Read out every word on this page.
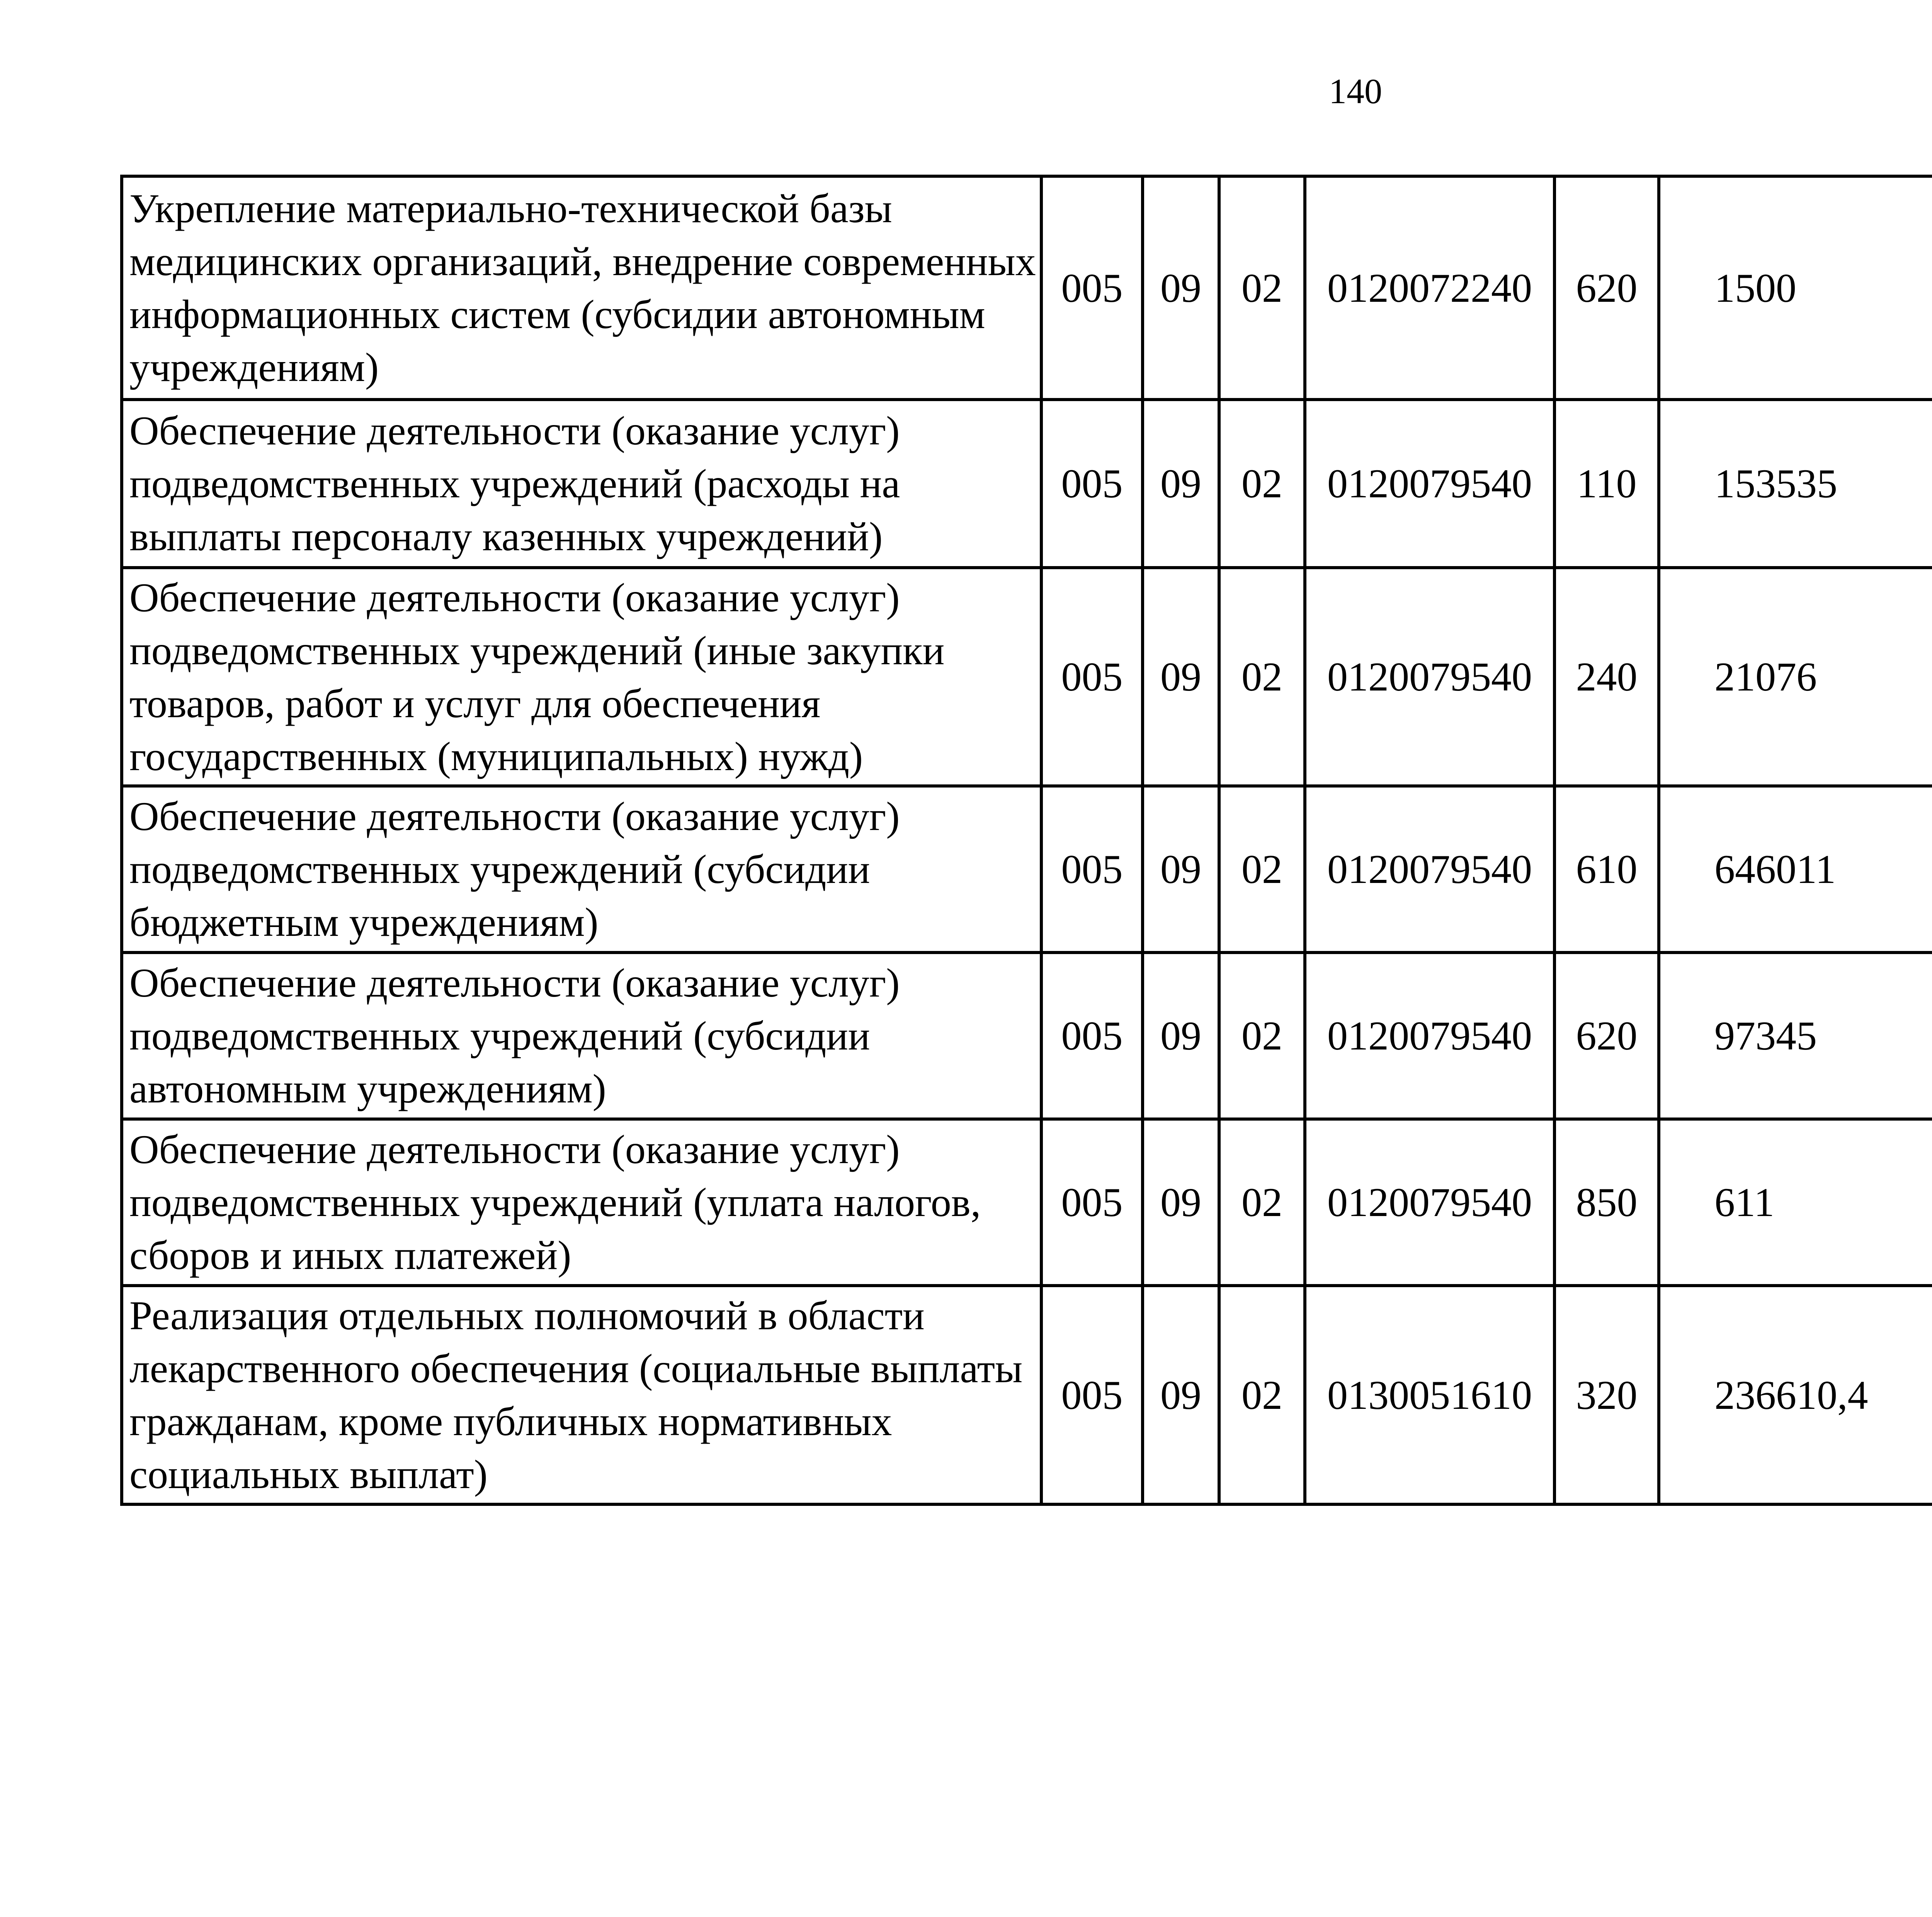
140
Укрепление материально-технической базы медицинских организаций, внедрение современных информационных систем (субсидии автономным учреждениям)	005	09	02	0120072240	620	1500		
Обеспечение деятельности (оказание услуг) подведомственных учреждений (расходы на выплаты персоналу казенных учреждений)	005	09	02	0120079540	110	153535		
Обеспечение деятельности (оказание услуг) подведомственных учреждений (иные закупки товаров, работ и услуг для обеспечения государственных (муниципальных) нужд)	005	09	02	0120079540	240	21076		
Обеспечение деятельности (оказание услуг) подведомственных учреждений (субсидии бюджетным учреждениям)	005	09	02	0120079540	610	646011		
Обеспечение деятельности (оказание услуг) подведомственных учреждений (субсидии автономным учреждениям)	005	09	02	0120079540	620	97345		
Обеспечение деятельности (оказание услуг) подведомственных учреждений (уплата налогов, сборов и иных платежей)	005	09	02	0120079540	850	611		
Реализация отдельных полномочий в области лекарственного обеспечения (социальные выплаты гражданам, кроме публичных нормативных социальных выплат)	005	09	02	0130051610	320	236610,4		
